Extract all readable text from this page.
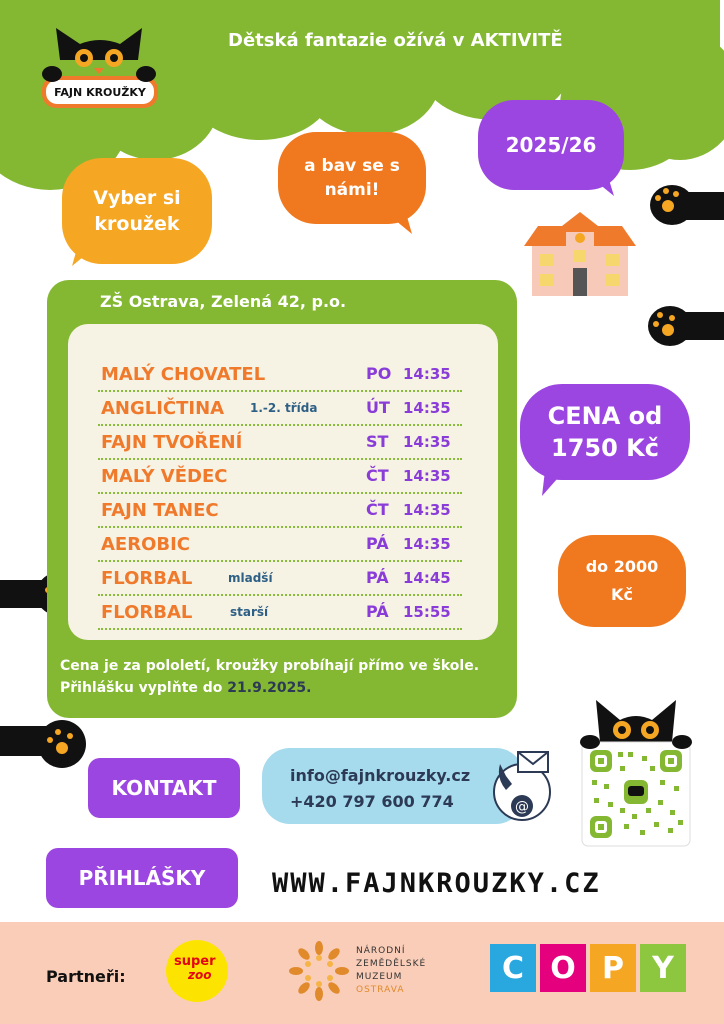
FAJN KROUŽKY
Dětská fantazie ožívá v AKTIVITĚ
Vyber si kroužek
a bav se s námi!
2025/26
CENA od 1750 Kč
do 2000 Kč
ZŠ Ostrava, Zelená 42, p.o.
MALÝ CHOVATEL	PO 14:35
ANGLIČTINA 1.-2. třída	ÚT 14:35
FAJN TVOŘENÍ	ST 14:35
MALÝ VĚDEC	ČT 14:35
FAJN TANEC	ČT 14:35
AEROBIC	PÁ 14:35
FLORBAL	mladší	PÁ 14:45
FLORBAL	starší	PÁ 15:55
Cena je za pololetí, kroužky probíhají přímo ve škole.
Přihlášku vyplňte do 21.9.2025.
KONTAKT
PŘIHLÁŠKY
info@fajnkrouzky.cz
+420 797 600 774	@
WWW.FAJNKROUZKY.CZ
Partneři:
super
zoo
NÁRODNÍ
ZEMĚDĚLSKÉ
MUZEUM
OSTRAVA
C O P Y
